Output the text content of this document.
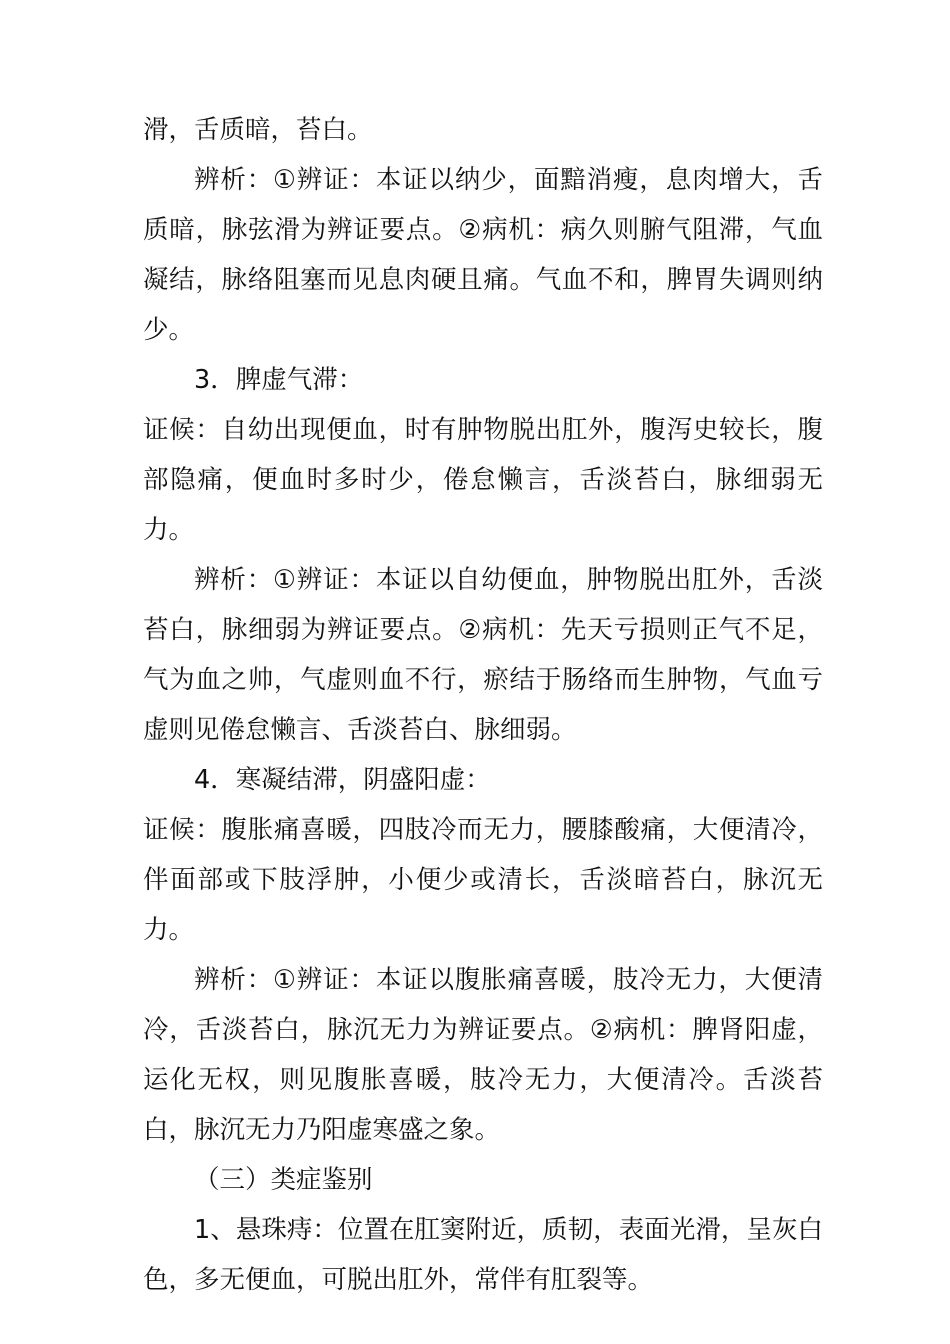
滑，舌质暗，苔白。

辨析：①辨证：本证以纳少，面黯消瘦，息肉增大，舌质暗，脉弦滑为辨证要点。②病机：病久则腑气阻滞，气血凝结，脉络阻塞而见息肉硬且痛。气血不和，脾胃失调则纳少。

3．脾虚气滞：

证候：自幼出现便血，时有肿物脱出肛外，腹泻史较长，腹部隐痛，便血时多时少，倦怠懒言，舌淡苔白，脉细弱无力。

辨析：①辨证：本证以自幼便血，肿物脱出肛外，舌淡苔白，脉细弱为辨证要点。②病机：先天亏损则正气不足，气为血之帅，气虚则血不行，瘀结于肠络而生肿物，气血亏虚则见倦怠懒言、舌淡苔白、脉细弱。

4．寒凝结滞，阴盛阳虚：

证候：腹胀痛喜暖，四肢冷而无力，腰膝酸痛，大便清冷，伴面部或下肢浮肿，小便少或清长，舌淡暗苔白，脉沉无力。

辨析：①辨证：本证以腹胀痛喜暖，肢冷无力，大便清冷，舌淡苔白，脉沉无力为辨证要点。②病机：脾肾阳虚，运化无权，则见腹胀喜暖，肢冷无力，大便清冷。舌淡苔白，脉沉无力乃阳虚寒盛之象。

（三）类症鉴别

1、悬珠痔：位置在肛窦附近，质韧，表面光滑，呈灰白色，多无便血，可脱出肛外，常伴有肛裂等。
